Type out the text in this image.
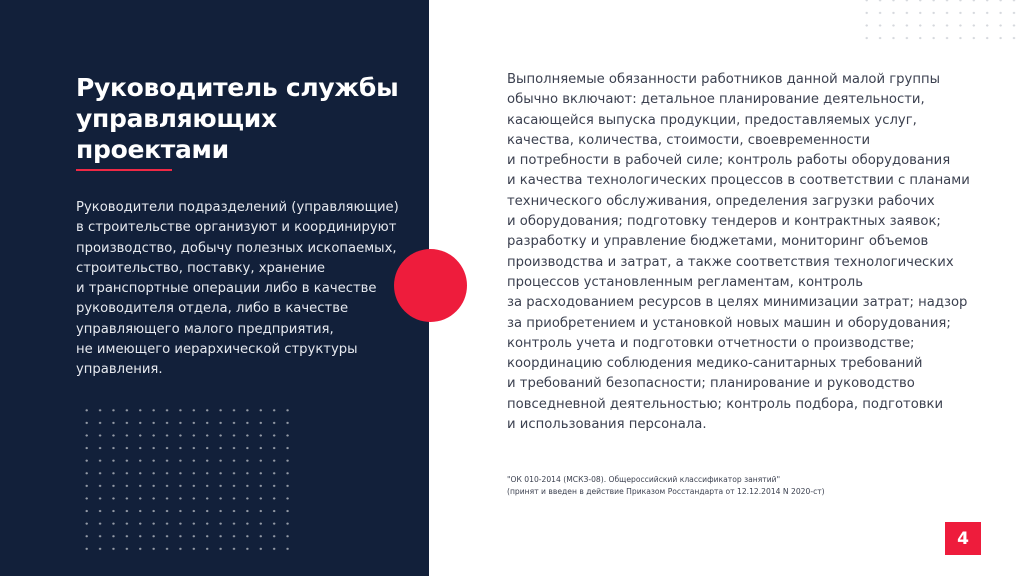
Руководитель службы
управляющих
проектами
Руководители подразделений (управляющие)
в строительстве организуют и координируют
производство, добычу полезных ископаемых,
строительство, поставку, хранение
и транспортные операции либо в качестве
руководителя отдела, либо в качестве
управляющего малого предприятия,
не имеющего иерархической структуры
управления.
Выполняемые обязанности работников данной малой группы
обычно включают: детальное планирование деятельности,
касающейся выпуска продукции, предоставляемых услуг,
качества, количества, стоимости, своевременности
и потребности в рабочей силе; контроль работы оборудования
и качества технологических процессов в соответствии с планами
технического обслуживания, определения загрузки рабочих
и оборудования; подготовку тендеров и контрактных заявок;
разработку и управление бюджетами, мониторинг объемов
производства и затрат, а также соответствия технологических
процессов установленным регламентам, контроль
за расходованием ресурсов в целях минимизации затрат; надзор
за приобретением и установкой новых машин и оборудования;
контроль учета и подготовки отчетности о производстве;
координацию соблюдения медико-санитарных требований
и требований безопасности; планирование и руководство
повседневной деятельностью; контроль подбора, подготовки
и использования персонала.
"ОК 010-2014 (МСКЗ-08). Общероссийский классификатор занятий"
(принят и введен в действие Приказом Росстандарта от 12.12.2014 N 2020-ст)
4
